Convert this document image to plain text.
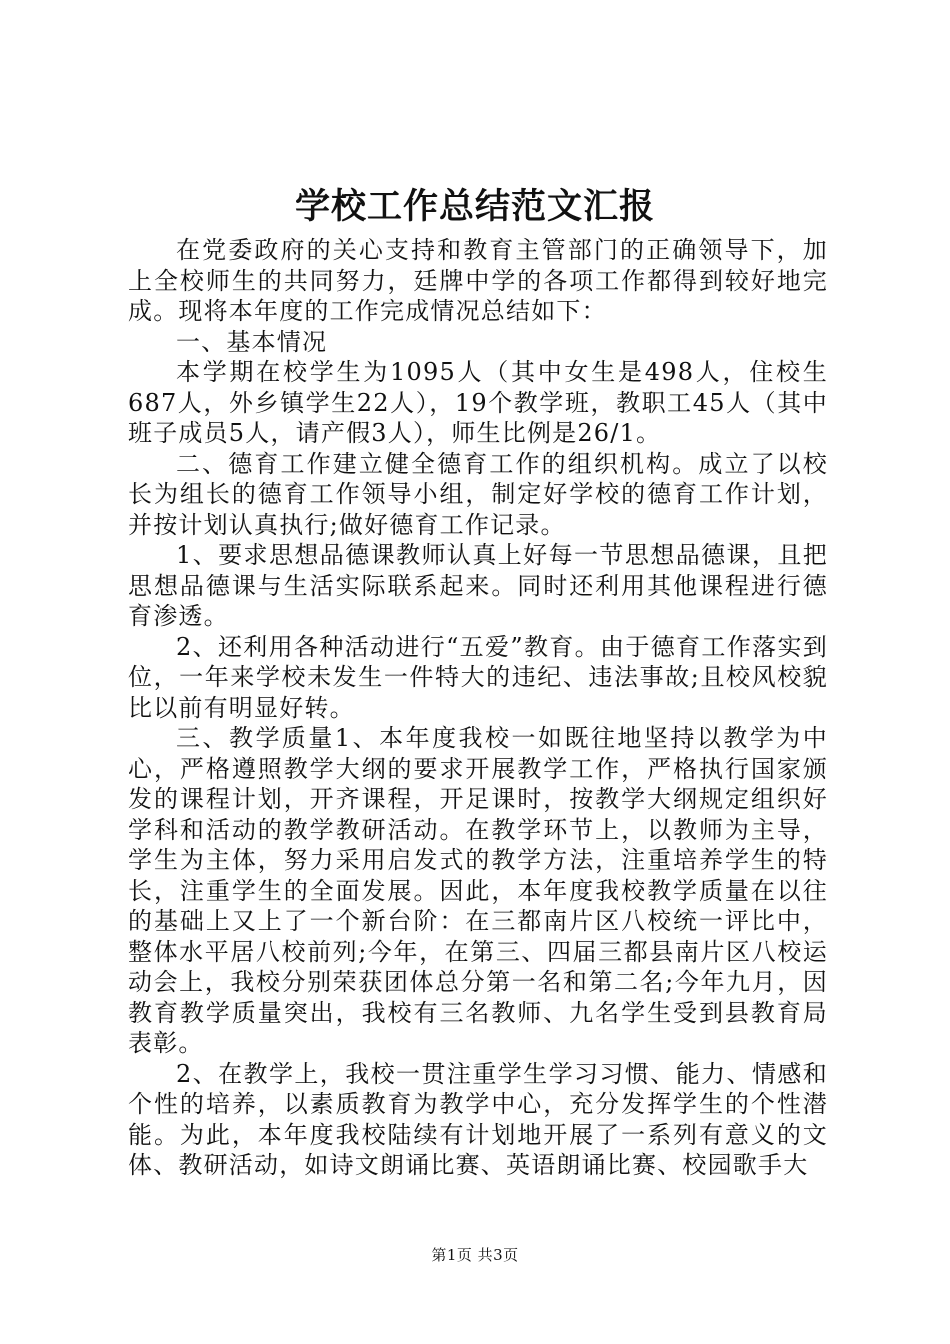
学校工作总结范文汇报

在党委政府的关心支持和教育主管部门的正确领导下，加上全校师生的共同努力，廷牌中学的各项工作都得到较好地完成。现将本年度的工作完成情况总结如下：

一、基本情况

本学期在校学生为1095人（其中女生是498人，住校生687人，外乡镇学生22人），19个教学班，教职工45人（其中班子成员5人，请产假3人），师生比例是26/1。

二、德育工作建立健全德育工作的组织机构。成立了以校长为组长的德育工作领导小组，制定好学校的德育工作计划，并按计划认真执行;做好德育工作记录。

1、要求思想品德课教师认真上好每一节思想品德课，且把思想品德课与生活实际联系起来。同时还利用其他课程进行德育渗透。

2、还利用各种活动进行“五爱”教育。由于德育工作落实到位，一年来学校未发生一件特大的违纪、违法事故;且校风校貌比以前有明显好转。

三、教学质量1、本年度我校一如既往地坚持以教学为中心，严格遵照教学大纲的要求开展教学工作，严格执行国家颁发的课程计划，开齐课程，开足课时，按教学大纲规定组织好学科和活动的教学教研活动。在教学环节上，以教师为主导，学生为主体，努力采用启发式的教学方法，注重培养学生的特长，注重学生的全面发展。因此，本年度我校教学质量在以往的基础上又上了一个新台阶：在三都南片区八校统一评比中，整体水平居八校前列;今年，在第三、四届三都县南片区八校运动会上，我校分别荣获团体总分第一名和第二名;今年九月，因教育教学质量突出，我校有三名教师、九名学生受到县教育局表彰。

2、在教学上，我校一贯注重学生学习习惯、能力、情感和个性的培养，以素质教育为教学中心，充分发挥学生的个性潜能。为此，本年度我校陆续有计划地开展了一系列有意义的文体、教研活动，如诗文朗诵比赛、英语朗诵比赛、校园歌手大

第1页 共3页
